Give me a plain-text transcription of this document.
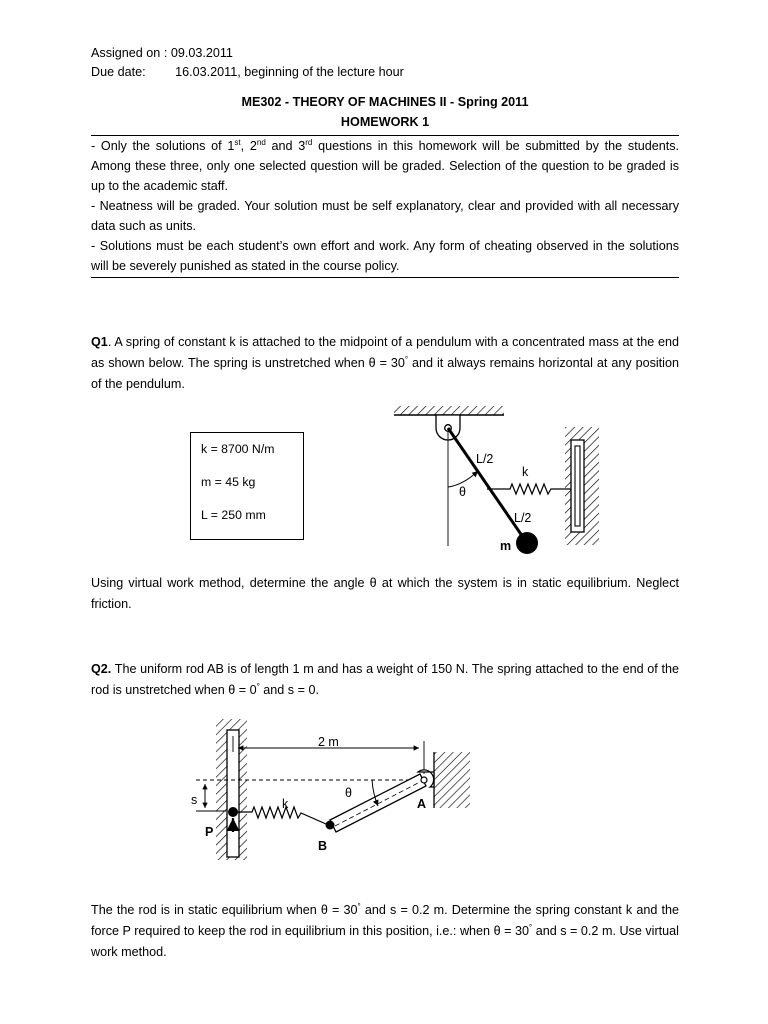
Assigned on : 09.03.2011
Due date: 16.03.2011, beginning of the lecture hour
ME302 - THEORY OF MACHINES II - Spring 2011
HOMEWORK 1

- Only the solutions of 1st, 2nd and 3rd questions in this homework will be submitted by the students. Among these three, only one selected question will be graded. Selection of the question to be graded is up to the academic staff.

- Neatness will be graded. Your solution must be self explanatory, clear and provided with all necessary data such as units.

- Solutions must be each student’s own effort and work. Any form of cheating observed in the solutions will be severely punished as stated in the course policy.

Q1. A spring of constant k is attached to the midpoint of a pendulum with a concentrated mass at the end as shown below. The spring is unstretched when θ = 30° and it always remains horizontal at any position of the pendulum.

k = 8700 N/m
m = 45 kg
L = 250 mm
L/2
k
θ
L/2
m
Using virtual work method, determine the angle θ at which the system is in static equilibrium. Neglect friction.

Q2. The uniform rod AB is of length 1 m and has a weight of 150 N. The spring attached to the end of the rod is unstretched when θ = 0° and s = 0.

2 m
θ
s	k
P
A
B

The the rod is in static equilibrium when θ = 30° and s = 0.2 m. Determine the spring constant k and the force P required to keep the rod in equilibrium in this position, i.e.: when θ = 30° and s = 0.2 m. Use virtual work method.
